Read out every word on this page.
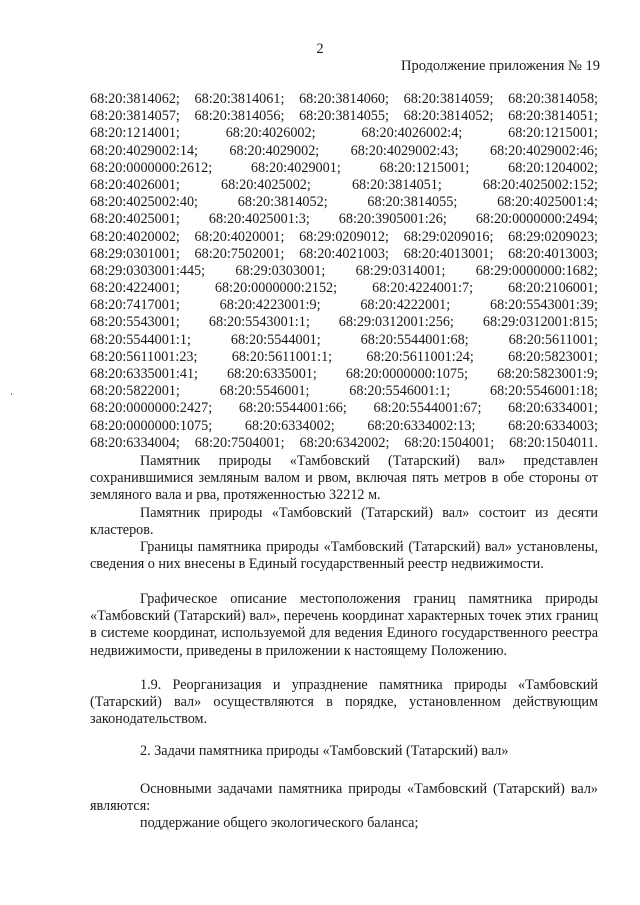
2
Продолжение приложения № 19
68:20:3814062; 68:20:3814061; 68:20:3814060; 68:20:3814059; 68:20:3814058;
68:20:3814057; 68:20:3814056; 68:20:3814055; 68:20:3814052; 68:20:3814051;
68:20:1214001;	68:20:4026002;	68:20:4026002:4;	68:20:1215001;
68:20:4029002:14; 68:20:4029002; 68:20:4029002:43; 68:20:4029002:46;
68:20:0000000:2612;	68:20:4029001;	68:20:1215001;	68:20:1204002;
68:20:4026001;	68:20:4025002;	68:20:3814051;	68:20:4025002:152;
68:20:4025002:40;	68:20:3814052;	68:20:3814055;	68:20:4025001:4;
68:20:4025001; 68:20:4025001:3; 68:20:3905001:26; 68:20:0000000:2494;
68:20:4020002; 68:20:4020001; 68:29:0209012; 68:29:0209016; 68:29:0209023;
68:29:0301001; 68:20:7502001; 68:20:4021003; 68:20:4013001; 68:20:4013003;
68:29:0303001:445; 68:29:0303001; 68:29:0314001; 68:29:0000000:1682;
68:20:4224001; 68:20:0000000:2152; 68:20:4224001:7; 68:20:2106001;
68:20:7417001;	68:20:4223001:9;	68:20:4222001;	68:20:5543001:39;
68:20:5543001; 68:20:5543001:1; 68:29:0312001:256; 68:29:0312001:815;
68:20:5544001:1;	68:20:5544001;	68:20:5544001:68;	68:20:5611001;
68:20:5611001:23; 68:20:5611001:1; 68:20:5611001:24; 68:20:5823001;
68:20:6335001:41; 68:20:6335001; 68:20:0000000:1075; 68:20:5823001:9;
68:20:5822001;	68:20:5546001;	68:20:5546001:1;	68:20:5546001:18;
68:20:0000000:2427; 68:20:5544001:66; 68:20:5544001:67; 68:20:6334001;
68:20:0000000:1075; 68:20:6334002; 68:20:6334002:13; 68:20:6334003;
68:20:6334004; 68:20:7504001; 68:20:6342002; 68:20:1504001; 68:20:1504011.

Памятник природы «Тамбовский (Татарский) вал» представлен сохранившимися земляным валом и рвом, включая пять метров в обе стороны от земляного вала и рва, протяженностью 32212 м.

Памятник природы «Тамбовский (Татарский) вал» состоит из десяти кластеров.

Границы памятника природы «Тамбовский (Татарский) вал» установлены, сведения о них внесены в Единый государственный реестр недвижимости.

Графическое описание местоположения границ памятника природы «Тамбовский (Татарский) вал», перечень координат характерных точек этих границ в системе координат, используемой для ведения Единого государственного реестра недвижимости, приведены в приложении к настоящему Положению.

1.9. Реорганизация и упразднение памятника природы «Тамбовский (Татарский) вал» осуществляются в порядке, установленном действующим законодательством.

2. Задачи памятника природы «Тамбовский (Татарский) вал»

Основными задачами памятника природы «Тамбовский (Татарский) вал» являются:

поддержание общего экологического баланса;
